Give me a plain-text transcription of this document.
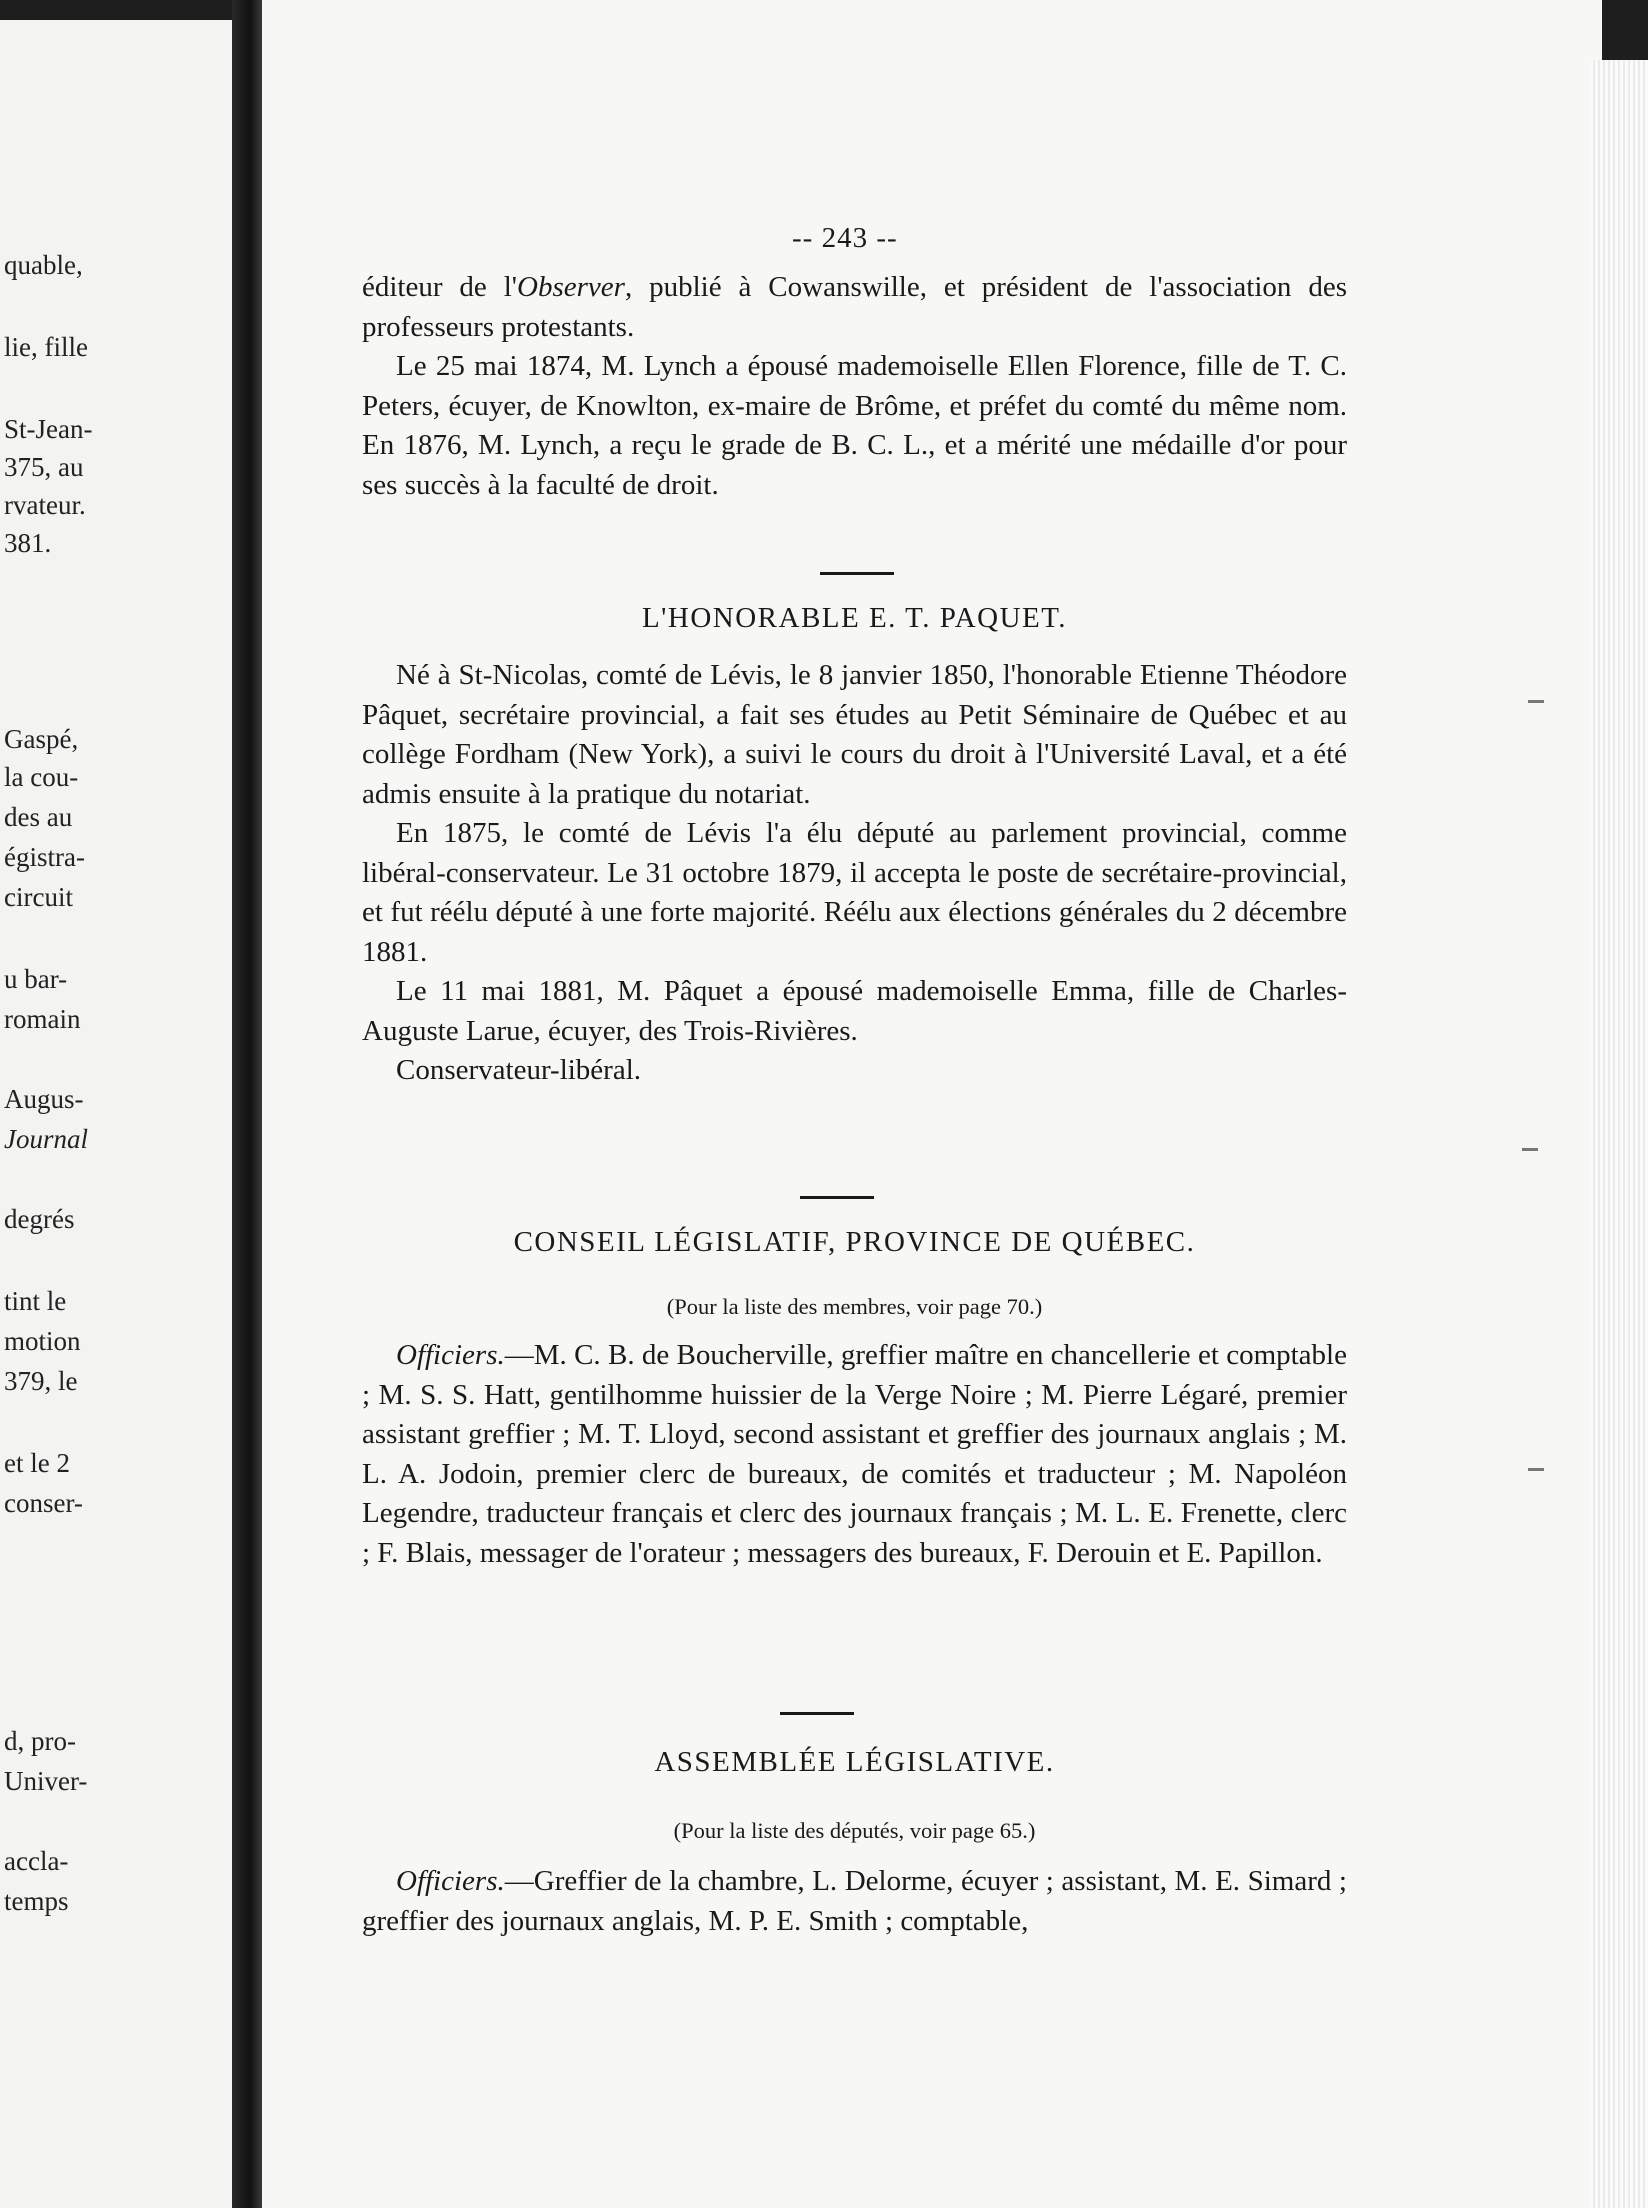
quable,
lie, fille
St-Jean-
375, au
rvateur.
381.
Gaspé,
la cou-
des au
égistra-
circuit
u bar-
romain
Augus-
Journal
degrés
tint le
motion
379, le
et le 2
conser-
d, pro-
Univer-
accla-
temps
-- 243 --

éditeur de l'Observer, publié à Cowanswille, et président de l'association des professeurs protestants.

Le 25 mai 1874, M. Lynch a épousé mademoiselle Ellen Florence, fille de T. C. Peters, écuyer, de Knowlton, ex-maire de Brôme, et préfet du comté du même nom. En 1876, M. Lynch, a reçu le grade de B. C. L., et a mérité une médaille d'or pour ses succès à la faculté de droit.

L'HONORABLE E. T. PAQUET.

Né à St-Nicolas, comté de Lévis, le 8 janvier 1850, l'honorable Etienne Théodore Pâquet, secrétaire provincial, a fait ses études au Petit Séminaire de Québec et au collège Fordham (New York), a suivi le cours du droit à l'Université Laval, et a été admis ensuite à la pratique du notariat.

En 1875, le comté de Lévis l'a élu député au parlement provincial, comme libéral-conservateur. Le 31 octobre 1879, il accepta le poste de secrétaire-provincial, et fut réélu député à une forte majorité. Réélu aux élections générales du 2 décembre 1881.

Le 11 mai 1881, M. Pâquet a épousé mademoiselle Emma, fille de Charles-Auguste Larue, écuyer, des Trois-Rivières.

Conservateur-libéral.

CONSEIL LÉGISLATIF, PROVINCE DE QUÉBEC.
(Pour la liste des membres, voir page 70.)

Officiers.—M. C. B. de Boucherville, greffier maître en chancellerie et comptable ; M. S. S. Hatt, gentilhomme huissier de la Verge Noire ; M. Pierre Légaré, premier assistant greffier ; M. T. Lloyd, second assistant et greffier des journaux anglais ; M. L. A. Jodoin, premier clerc de bureaux, de comités et traducteur ; M. Napoléon Legendre, traducteur français et clerc des journaux français ; M. L. E. Frenette, clerc ; F. Blais, messager de l'orateur ; messagers des bureaux, F. Derouin et E. Papillon.

ASSEMBLÉE LÉGISLATIVE.
(Pour la liste des députés, voir page 65.)

Officiers.—Greffier de la chambre, L. Delorme, écuyer ; assistant, M. E. Simard ; greffier des journaux anglais, M. P. E. Smith ; comptable,
